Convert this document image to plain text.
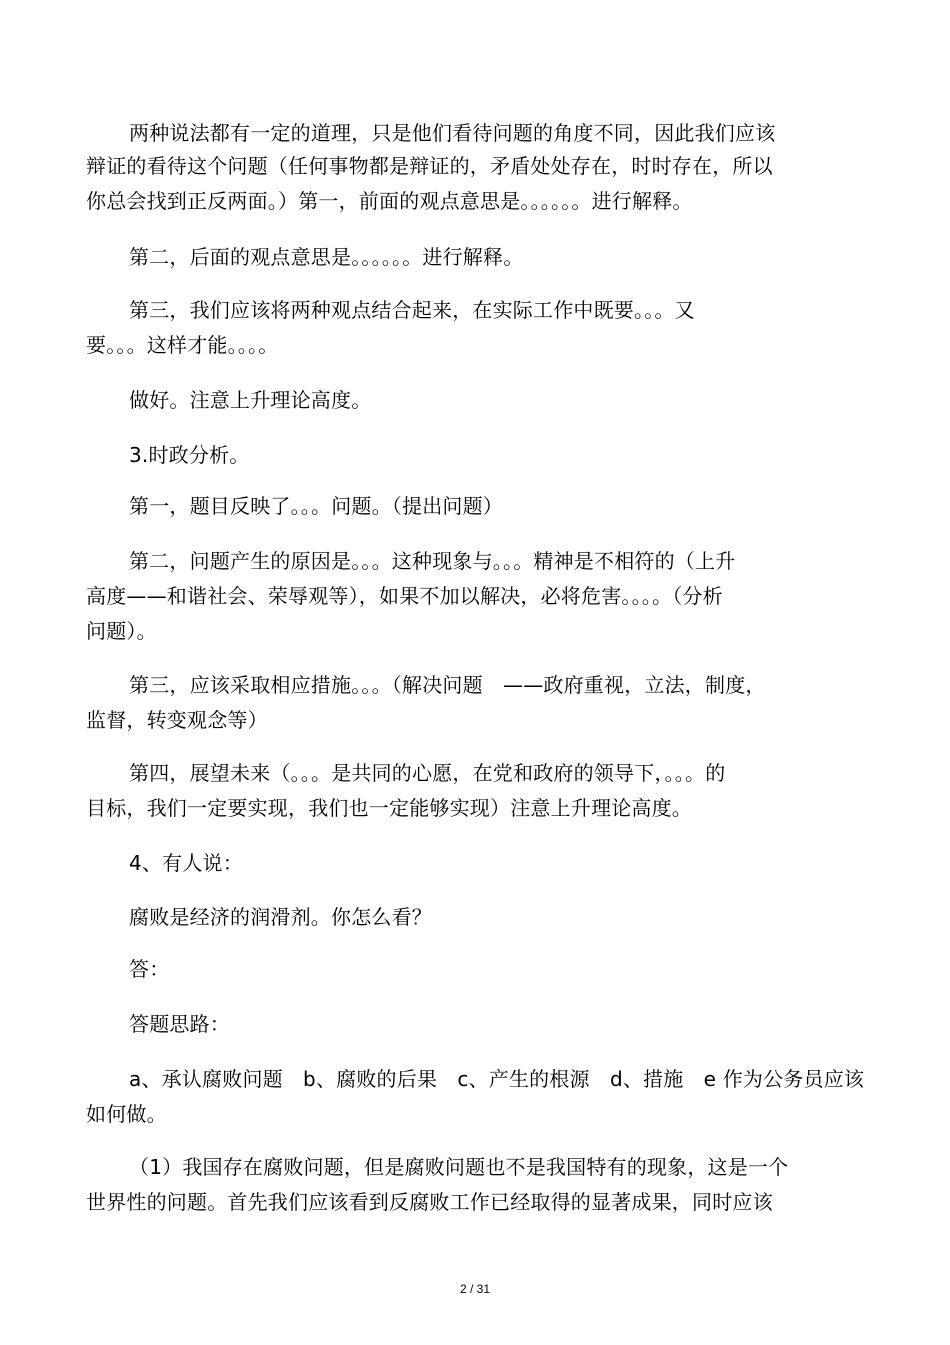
两种说法都有一定的道理，只是他们看待问题的角度不同，因此我们应该
辩证的看待这个问题（任何事物都是辩证的，矛盾处处存在，时时存在，所以
你总会找到正反两面。）第一，前面的观点意思是。。。。。。进行解释。
第二，后面的观点意思是。。。。。。进行解释。
第三，我们应该将两种观点结合起来，在实际工作中既要。。。又
要。。。这样才能。。。。
做好。注意上升理论高度。
3.时政分析。
第一，题目反映了。。。问题。（提出问题）
第二，问题产生的原因是。。。这种现象与。。。精神是不相符的（上升
高度——和谐社会、荣辱观等），如果不加以解决，必将危害。。。。（分析
问题）。
第三，应该采取相应措施。。。（解决问题　——政府重视，立法，制度，
监督，转变观念等）
第四，展望未来（。。。是共同的心愿，在党和政府的领导下，。。。的
目标，我们一定要实现，我们也一定能够实现）注意上升理论高度。
4、有人说：
腐败是经济的润滑剂。你怎么看？
答：
答题思路：
a、承认腐败问题　b、腐败的后果　c、产生的根源　d、措施　e 作为公务员应该
如何做。
（1）我国存在腐败问题，但是腐败问题也不是我国特有的现象，这是一个
世界性的问题。首先我们应该看到反腐败工作已经取得的显著成果，同时应该
2 / 31
